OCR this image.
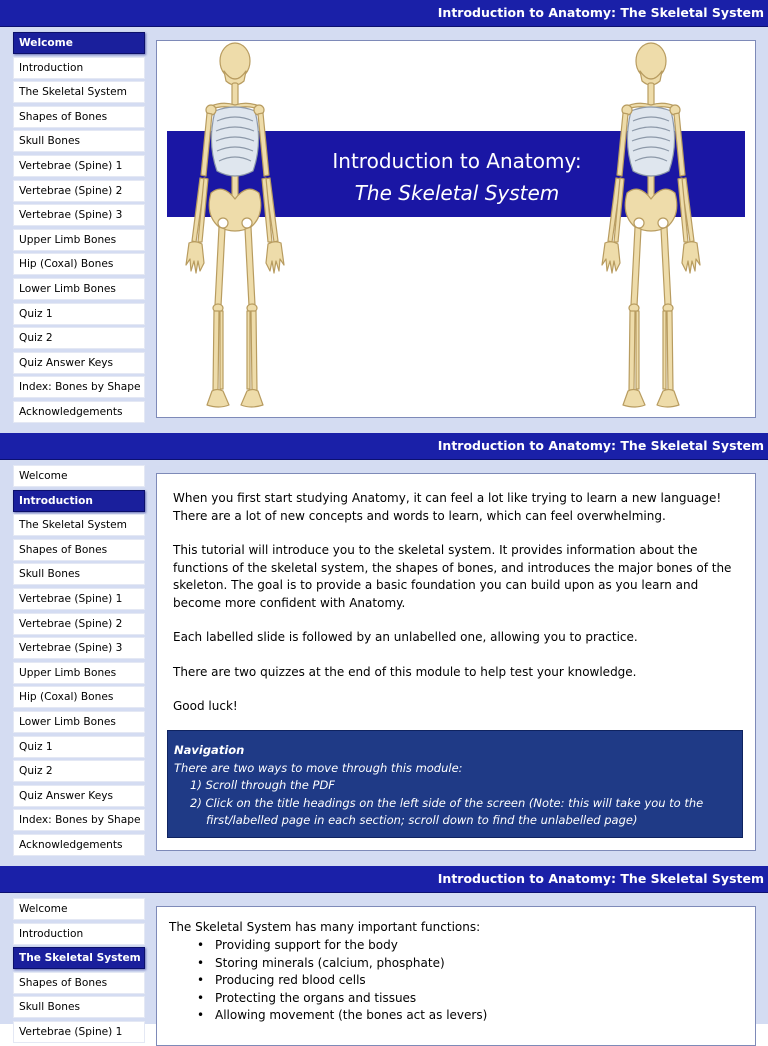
Introduction to Anatomy: The Skeletal System
Welcome
Introduction
The Skeletal System
Shapes of Bones
Skull Bones
Vertebrae (Spine) 1
Vertebrae (Spine) 2
Vertebrae (Spine) 3
Upper Limb Bones
Hip (Coxal) Bones
Lower Limb Bones
Quiz 1
Quiz 2
Quiz Answer Keys
Index: Bones by Shape
Acknowledgements
Introduction to Anatomy:
The Skeletal System
Introduction to Anatomy: The Skeletal System
Welcome
Introduction
The Skeletal System
Shapes of Bones
Skull Bones
Vertebrae (Spine) 1
Vertebrae (Spine) 2
Vertebrae (Spine) 3
Upper Limb Bones
Hip (Coxal) Bones
Lower Limb Bones
Quiz 1
Quiz 2
Quiz Answer Keys
Index: Bones by Shape
Acknowledgements

When you first start studying Anatomy, it can feel a lot like trying to learn a new language! There are a lot of new concepts and words to learn, which can feel overwhelming.

This tutorial will introduce you to the skeletal system. It provides information about the functions of the skeletal system, the shapes of bones, and introduces the major bones of the skeleton. The goal is to provide a basic foundation you can build upon as you learn and become more confident with Anatomy.

Each labelled slide is followed by an unlabelled one, allowing you to practice.

There are two quizzes at the end of this module to help test your knowledge.

Good luck!

Navigation
There are two ways to move through this module:
1) Scroll through the PDF
2) Click on the title headings on the left side of the screen (Note: this will take you to the
first/labelled page in each section; scroll down to find the unlabelled page)
Introduction to Anatomy: The Skeletal System
Welcome
Introduction
The Skeletal System
Shapes of Bones
Skull Bones
Vertebrae (Spine) 1
The Skeletal System has many important functions:
• Providing support for the body
• Storing minerals (calcium, phosphate)
• Producing red blood cells
• Protecting the organs and tissues
• Allowing movement (the bones act as levers)
